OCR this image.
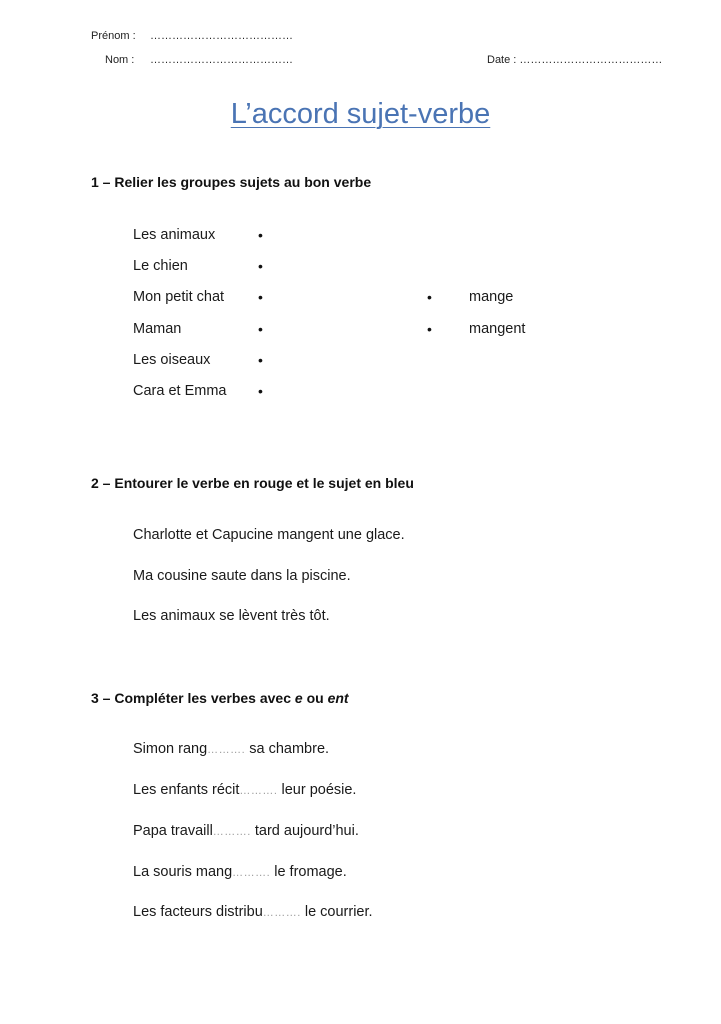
Prénom : …………………………………
Nom : …………………………………	Date : …………………………………
L’accord sujet-verbe
1 – Relier les groupes sujets au bon verbe
Les animaux	•
Le chien	•
Mon petit chat •
Maman	•
Les oiseaux	•
Cara et Emma •
•	mange
•	mangent
2 – Entourer le verbe en rouge et le sujet en bleu
Charlotte et Capucine mangent une glace.
Ma cousine saute dans la piscine.
Les animaux se lèvent très tôt.
3 – Compléter les verbes avec e ou ent
Simon rang………. sa chambre.
Les enfants récit………. leur poésie.
Papa travaill………. tard aujourd’hui.
La souris mang………. le fromage.
Les facteurs distribu………. le courrier.
